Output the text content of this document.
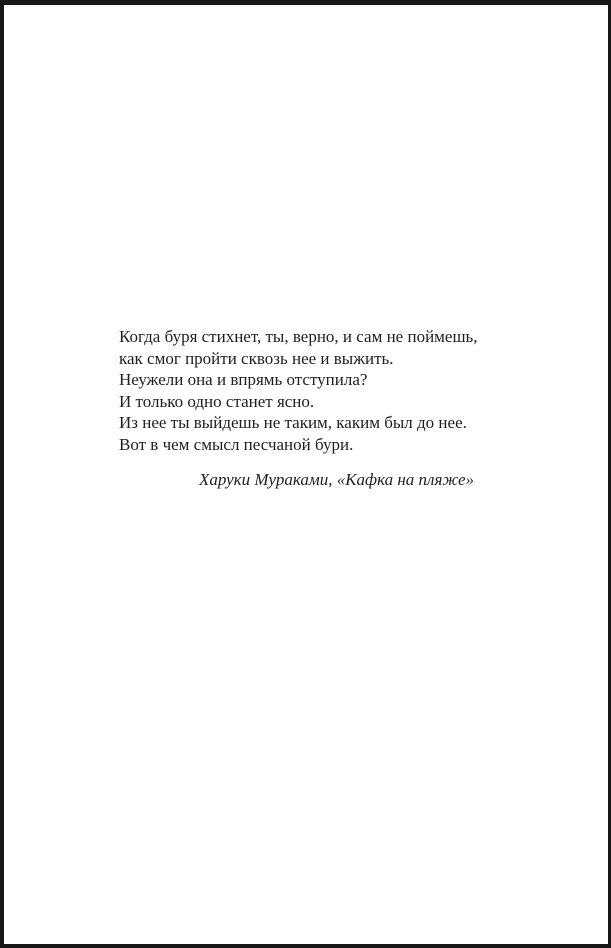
Когда буря стихнет, ты, верно, и сам не поймешь,
как смог пройти сквозь нее и выжить.
Неужели она и впрямь отступила?
И только одно станет ясно.
Из нее ты выйдешь не таким, каким был до нее.
Вот в чем смысл песчаной бури.
Харуки Мураками, «Кафка на пляже»
